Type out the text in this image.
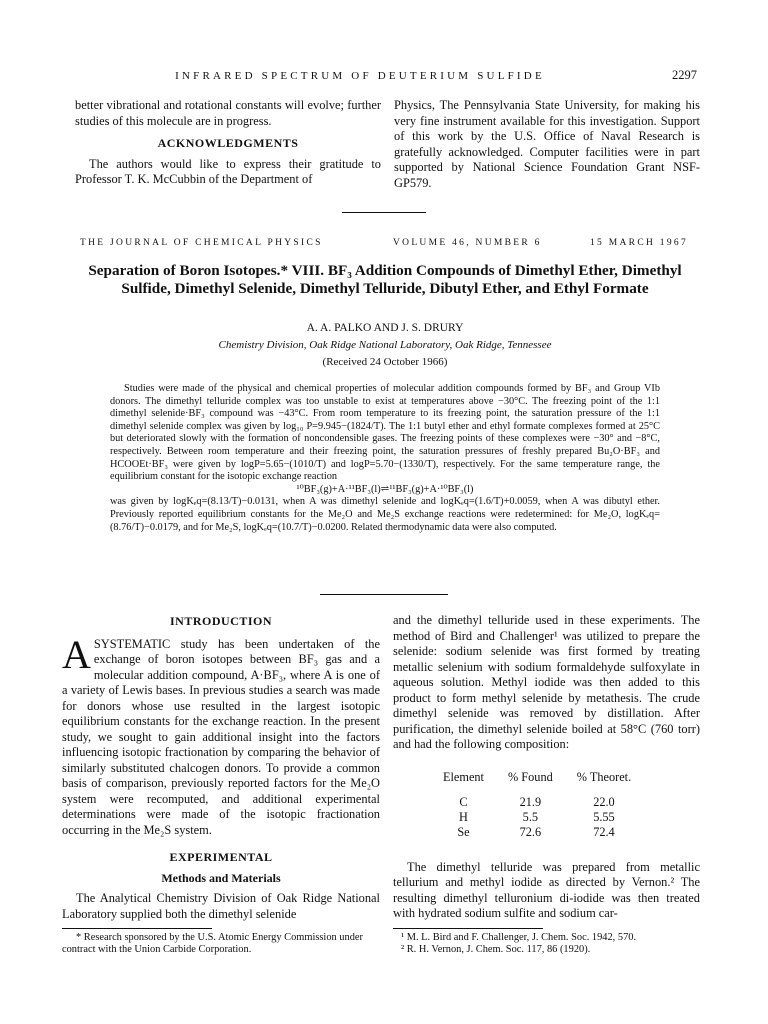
INFRARED SPECTRUM OF DEUTERIUM SULFIDE	2297

better vibrational and rotational constants will evolve; further studies of this molecule are in progress.

ACKNOWLEDGMENTS

The authors would like to express their gratitude to Professor T. K. McCubbin of the Department of

Physics, The Pennsylvania State University, for making his very fine instrument available for this investigation. Support of this work by the U.S. Office of Naval Research is gratefully acknowledged. Computer facilities were in part supported by National Science Foundation Grant NSF-GP579.

THE JOURNAL OF CHEMICAL PHYSICS	VOLUME 46, NUMBER 6	15 MARCH 1967
Separation of Boron Isotopes.* VIII. BF₃ Addition Compounds of Dimethyl Ether, Dimethyl Sulfide, Dimethyl Selenide, Dimethyl Telluride, Dibutyl Ether, and Ethyl Formate
A. A. PALKO AND J. S. DRURY
Chemistry Division, Oak Ridge National Laboratory, Oak Ridge, Tennessee
(Received 24 October 1966)

Studies were made of the physical and chemical properties of molecular addition compounds formed by BF₃ and Group VIb donors. The dimethyl telluride complex was too unstable to exist at temperatures above −30°C. The freezing point of the 1:1 dimethyl selenide·BF₃ compound was −43°C. From room temperature to its freezing point, the saturation pressure of the 1:1 dimethyl selenide complex was given by log₁₀ P=9.945−(1824/T). The 1:1 butyl ether and ethyl formate complexes formed at 25°C but deteriorated slowly with the formation of noncondensible gases. The freezing points of these complexes were −30° and −8°C, respectively. Between room temperature and their freezing point, the saturation pressures of freshly prepared Bu₂O·BF₃ and HCOOEt·BF₃ were given by logP=5.65−(1010/T) and logP=5.70−(1330/T), respectively. For the same temperature range, the equilibrium constant for the isotopic exchange reaction

¹⁰BF₃(g)+A·¹¹BF₃(l)⇌¹¹BF₃(g)+A·¹⁰BF₃(l)

was given by logKₑq=(8.13/T)−0.0131, when A was dimethyl selenide and logKₑq=(1.6/T)+0.0059, when A was dibutyl ether. Previously reported equilibrium constants for the Me₂O and Me₂S exchange reactions were redetermined: for Me₂O, logKₑq=(8.76/T)−0.0179, and for Me₂S, logKₑq=(10.7/T)−0.0200. Related thermodynamic data were also computed.

INTRODUCTION

ASYSTEMATIC study has been undertaken of the exchange of boron isotopes between BF₃ gas and a molecular addition compound, A·BF₃, where A is one of a variety of Lewis bases. In previous studies a search was made for donors whose use resulted in the largest isotopic equilibrium constants for the exchange reaction. In the present study, we sought to gain additional insight into the factors influencing isotopic fractionation by comparing the behavior of similarly substituted chalcogen donors. To provide a common basis of comparison, previously reported factors for the Me₂O system were recomputed, and additional experimental determinations were made of the isotopic fractionation occurring in the Me₂S system.

EXPERIMENTAL

Methods and Materials

The Analytical Chemistry Division of Oak Ridge National Laboratory supplied both the dimethyl selenide

and the dimethyl telluride used in these experiments. The method of Bird and Challenger¹ was utilized to prepare the selenide: sodium selenide was first formed by treating metallic selenium with sodium formaldehyde sulfoxylate in aqueous solution. Methyl iodide was then added to this product to form methyl selenide by metathesis. The crude dimethyl selenide was removed by distillation. After purification, the dimethyl selenide boiled at 58°C (760 torr) and had the following composition:

Element	% Found	% Theoret.
C	21.9	22.0
H	5.5	5.55
Se	72.6	72.4

The dimethyl telluride was prepared from metallic tellurium and methyl iodide as directed by Vernon.² The resulting dimethyl telluronium di-iodide was then treated with hydrated sodium sulfite and sodium car-

* Research sponsored by the U.S. Atomic Energy Commission under contract with the Union Carbide Corporation.
¹ M. L. Bird and F. Challenger, J. Chem. Soc. 1942, 570.
² R. H. Vernon, J. Chem. Soc. 117, 86 (1920).
